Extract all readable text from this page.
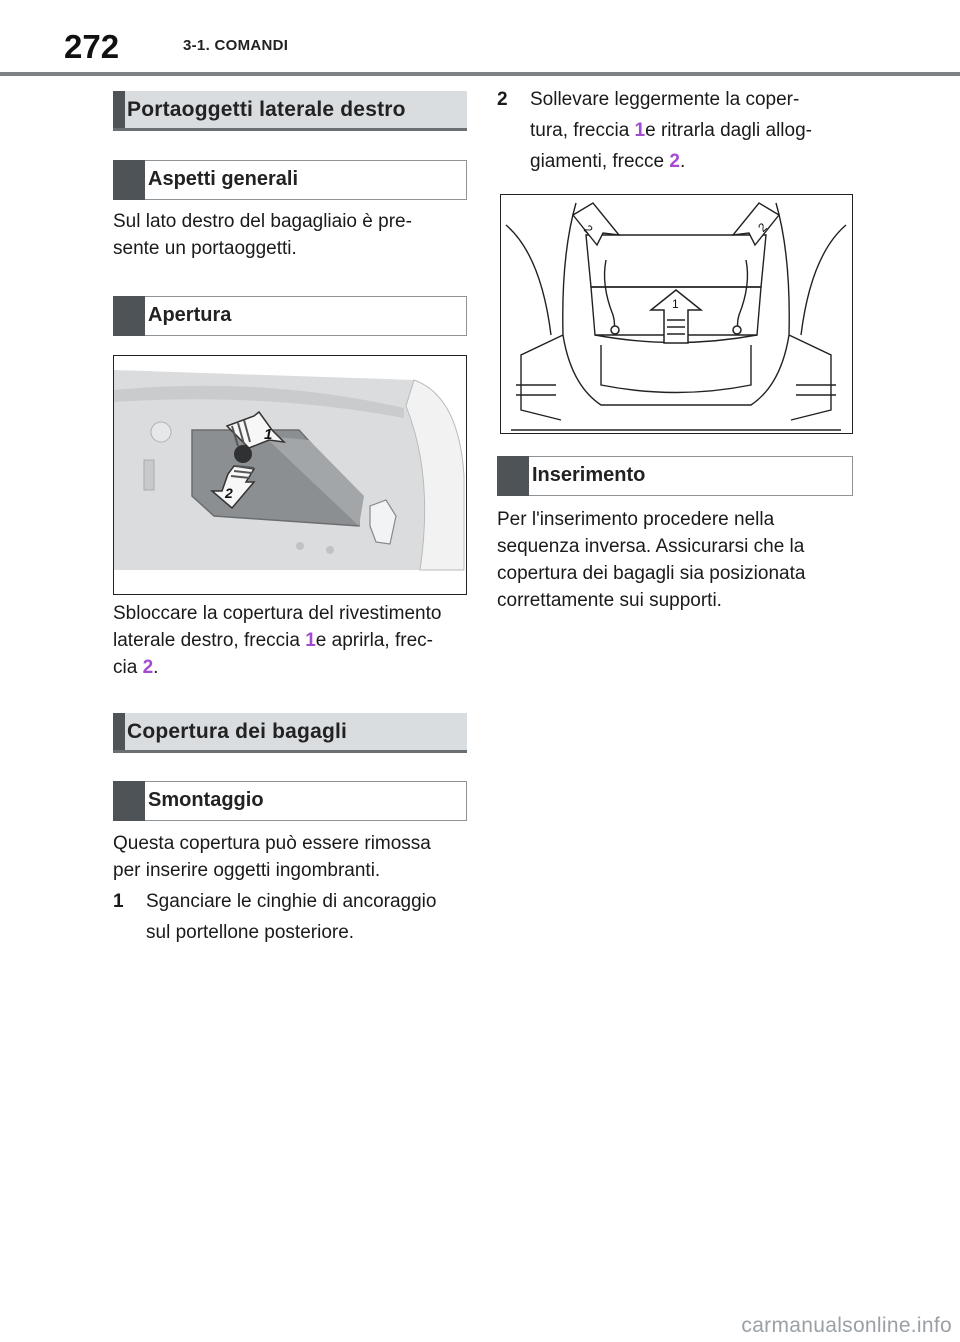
272	3-1. COMANDI
Portaoggetti laterale destro
Aspetti generali
Sul lato destro del bagagliaio è pre-
sente un portaoggetti.
Apertura
1
2
Sbloccare la copertura del rivestimento
laterale destro, freccia 1e aprirla, frec-
cia 2.
Copertura dei bagagli
Smontaggio
Questa copertura può essere rimossa
per inserire oggetti ingombranti.
1 Sganciare le cinghie di ancoraggio
sul portellone posteriore.
2 Sollevare leggermente la coper-
tura, freccia 1e ritrarla dagli allog-
giamenti, frecce 2.
2	2
1
Inserimento
Per l'inserimento procedere nella
sequenza inversa. Assicurarsi che la
copertura dei bagagli sia posizionata
correttamente sui supporti.
carmanualsonline.info
